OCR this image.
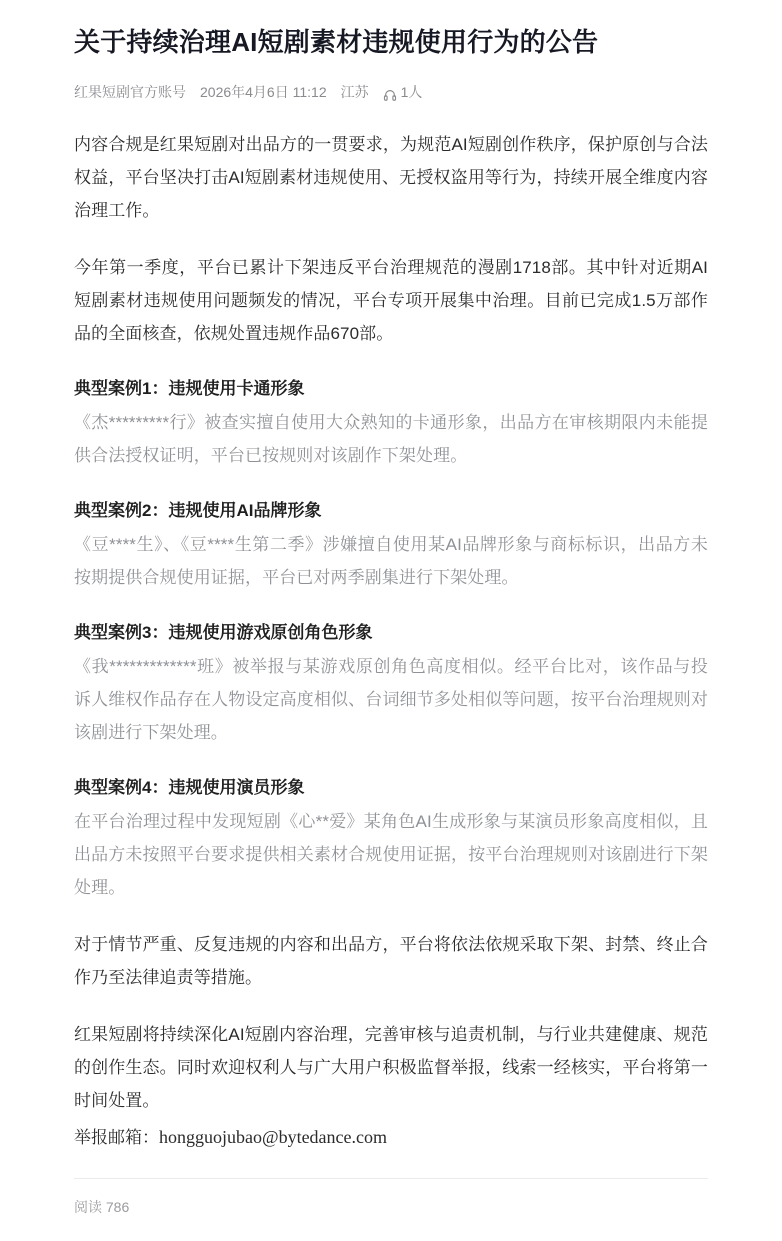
关于持续治理AI短剧素材违规使用行为的公告
红果短剧官方账号 2026年4月6日 11:12 江苏 1人

内容合规是红果短剧对出品方的一贯要求，为规范AI短剧创作秩序，保护原创与合法权益，平台坚决打击AI短剧素材违规使用、无授权盗用等行为，持续开展全维度内容治理工作。

今年第一季度，平台已累计下架违反平台治理规范的漫剧1718部。其中针对近期AI短剧素材违规使用问题频发的情况，平台专项开展集中治理。目前已完成1.5万部作品的全面核查，依规处置违规作品670部。

典型案例1：违规使用卡通形象

《杰*********行》被查实擅自使用大众熟知的卡通形象，出品方在审核期限内未能提供合法授权证明，平台已按规则对该剧作下架处理。

典型案例2：违规使用AI品牌形象

《豆****生》、《豆****生第二季》涉嫌擅自使用某AI品牌形象与商标标识，出品方未按期提供合规使用证据，平台已对两季剧集进行下架处理。

典型案例3：违规使用游戏原创角色形象

《我*************班》被举报与某游戏原创角色高度相似。经平台比对，该作品与投诉人维权作品存在人物设定高度相似、台词细节多处相似等问题，按平台治理规则对该剧进行下架处理。

典型案例4：违规使用演员形象

在平台治理过程中发现短剧《心**爱》某角色AI生成形象与某演员形象高度相似，且出品方未按照平台要求提供相关素材合规使用证据，按平台治理规则对该剧进行下架处理。

对于情节严重、反复违规的内容和出品方，平台将依法依规采取下架、封禁、终止合作乃至法律追责等措施。

红果短剧将持续深化AI短剧内容治理，完善审核与追责机制，与行业共建健康、规范的创作生态。同时欢迎权利人与广大用户积极监督举报，线索一经核实，平台将第一时间处置。

举报邮箱：hongguojubao@bytedance.com

阅读 786
